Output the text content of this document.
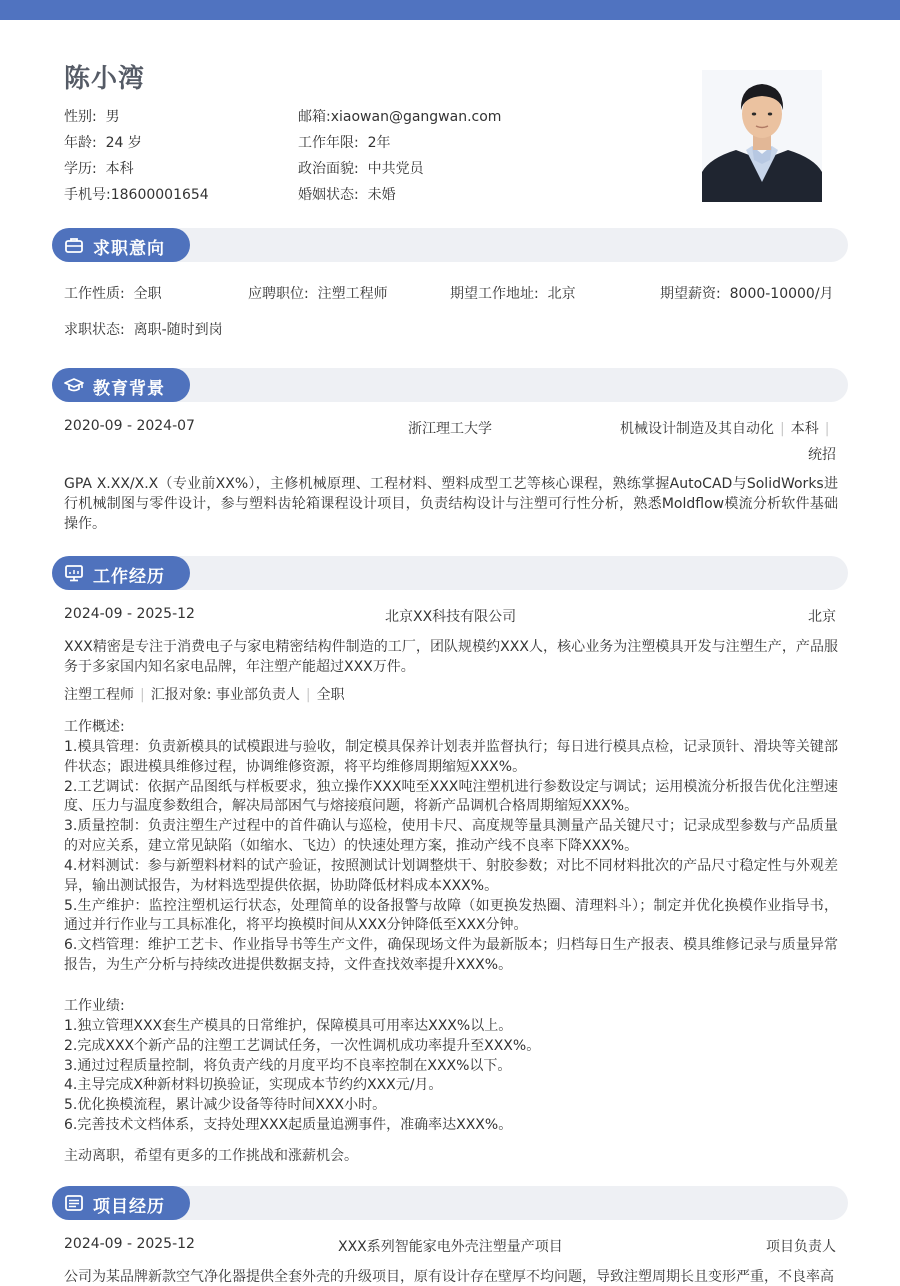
陈小湾
性别: 男
年龄: 24 岁
学历: 本科
手机号:18600001654
邮箱:xiaowan@gangwan.com
工作年限: 2年
政治面貌: 中共党员
婚姻状态: 未婚
求职意向
工作性质: 全职	应聘职位: 注塑工程师	期望工作地址: 北京	期望薪资: 8000-10000/月
求职状态: 离职-随时到岗
教育背景
2020-09 - 2024-07	浙江理工大学	机械设计制造及其自动化 | 本科 |
统招
GPA X.XX/X.X（专业前XX%），主修机械原理、工程材料、塑料成型工艺等核心课程，熟练掌握AutoCAD与SolidWorks进行机械制图与零件设计，参与塑料齿轮箱课程设计项目，负责结构设计与注塑可行性分析，熟悉Moldflow模流分析软件基础操作。
工作经历
2024-09 - 2025-12	北京XX科技有限公司	北京
XXX精密是专注于消费电子与家电精密结构件制造的工厂，团队规模约XXX人，核心业务为注塑模具开发与注塑生产，产品服务于多家国内知名家电品牌，年注塑产能超过XXX万件。
注塑工程师 | 汇报对象: 事业部负责人 | 全职
工作概述:
1.模具管理：负责新模具的试模跟进与验收，制定模具保养计划表并监督执行；每日进行模具点检，记录顶针、滑块等关键部件状态；跟进模具维修过程，协调维修资源，将平均维修周期缩短XXX%。
2.工艺调试：依据产品图纸与样板要求，独立操作XXX吨至XXX吨注塑机进行参数设定与调试；运用模流分析报告优化注塑速度、压力与温度参数组合，解决局部困气与熔接痕问题，将新产品调机合格周期缩短XXX%。
3.质量控制：负责注塑生产过程中的首件确认与巡检，使用卡尺、高度规等量具测量产品关键尺寸；记录成型参数与产品质量的对应关系，建立常见缺陷（如缩水、飞边）的快速处理方案，推动产线不良率下降XXX%。
4.材料测试：参与新塑料材料的试产验证，按照测试计划调整烘干、射胶参数；对比不同材料批次的产品尺寸稳定性与外观差异，输出测试报告，为材料选型提供依据，协助降低材料成本XXX%。
5.生产维护：监控注塑机运行状态，处理简单的设备报警与故障（如更换发热圈、清理料斗）；制定并优化换模作业指导书，通过并行作业与工具标准化，将平均换模时间从XXX分钟降低至XXX分钟。
6.文档管理：维护工艺卡、作业指导书等生产文件，确保现场文件为最新版本；归档每日生产报表、模具维修记录与质量异常报告，为生产分析与持续改进提供数据支持，文件查找效率提升XXX%。
工作业绩:
1.独立管理XXX套生产模具的日常维护，保障模具可用率达XXX%以上。
2.完成XXX个新产品的注塑工艺调试任务，一次性调机成功率提升至XXX%。
3.通过过程质量控制，将负责产线的月度平均不良率控制在XXX%以下。
4.主导完成X种新材料切换验证，实现成本节约约XXX元/月。
5.优化换模流程，累计减少设备等待时间XXX小时。
6.完善技术文档体系，支持处理XXX起质量追溯事件，准确率达XXX%。
主动离职，希望有更多的工作挑战和涨薪机会。
项目经历
2024-09 - 2025-12	XXX系列智能家电外壳注塑量产项目	项目负责人
公司为某品牌新款空气净化器提供全套外壳的升级项目，原有设计存在壁厚不均问题，导致注塑周期长且变形严重，不良率高
